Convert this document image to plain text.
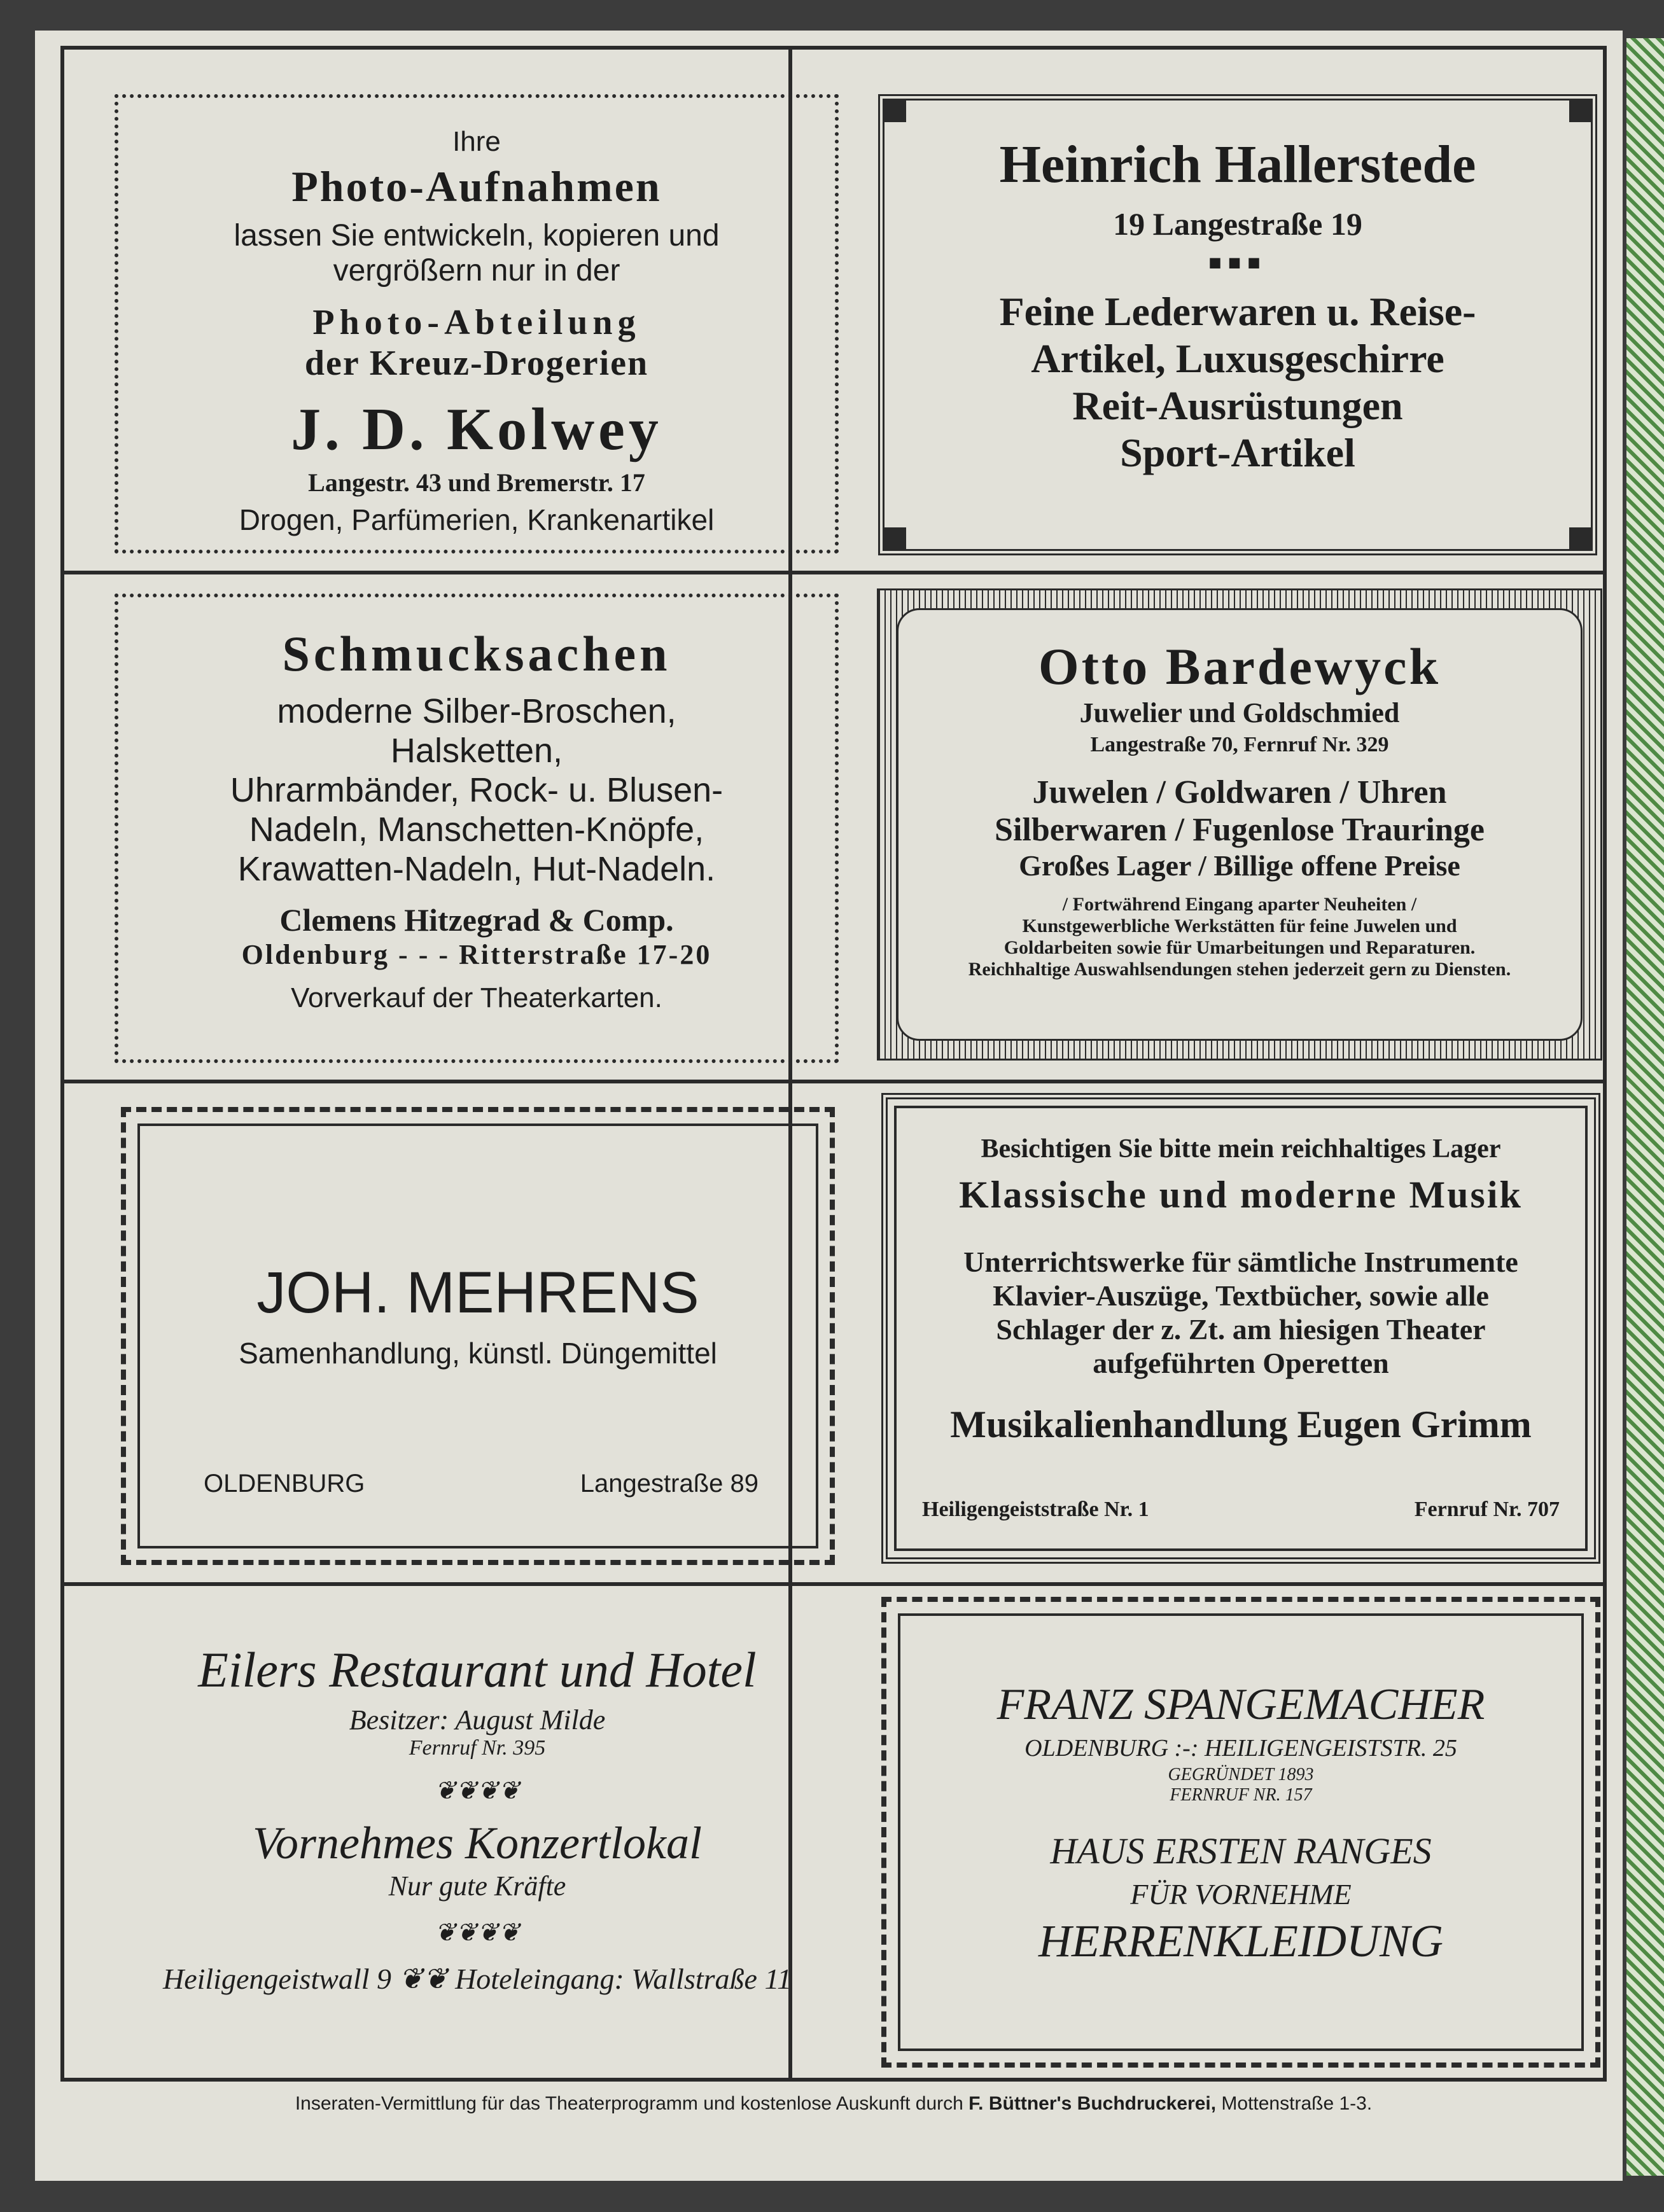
Ihre

Photo-Aufnahmen

lassen Sie entwickeln, kopieren und

vergrößern nur in der

Photo-Abteilung

der Kreuz-Drogerien

J. D. Kolwey

Langestr. 43 und Bremerstr. 17

Drogen, Parfümerien, Krankenartikel

Heinrich Hallerstede

19 Langestraße 19

■■■

Feine Lederwaren u. Reise-

Artikel, Luxusgeschirre

Reit-Ausrüstungen

Sport-Artikel

Schmucksachen

moderne Silber-Broschen,

Halsketten,

Uhrarmbänder, Rock- u. Blusen-

Nadeln, Manschetten-Knöpfe,

Krawatten-Nadeln, Hut-Nadeln.

Clemens Hitzegrad & Comp.

Oldenburg - - - Ritterstraße 17-20

Vorverkauf der Theaterkarten.

Otto Bardewyck

Juwelier und Goldschmied

Langestraße 70, Fernruf Nr. 329

Juwelen / Goldwaren / Uhren

Silberwaren / Fugenlose Trauringe

Großes Lager / Billige offene Preise

/ Fortwährend Eingang aparter Neuheiten /

Kunstgewerbliche Werkstätten für feine Juwelen und

Goldarbeiten sowie für Umarbeitungen und Reparaturen.

Reichhaltige Auswahlsendungen stehen jederzeit gern zu Diensten.

JOH. MEHRENS
Samenhandlung, künstl. Düngemittel
OLDENBURG	Langestraße 89

Besichtigen Sie bitte mein reichhaltiges Lager

Klassische und moderne Musik

Unterrichtswerke für sämtliche Instrumente

Klavier-Auszüge, Textbücher, sowie alle

Schlager der z. Zt. am hiesigen Theater

aufgeführten Operetten

Musikalienhandlung Eugen Grimm

Heiligengeiststraße Nr. 1	Fernruf Nr. 707

Eilers Restaurant und Hotel

Besitzer: August Milde

Fernruf Nr. 395

❦❦❦❦

Vornehmes Konzertlokal

Nur gute Kräfte

❦❦❦❦

Heiligengeistwall 9 ❦❦ Hoteleingang: Wallstraße 11

FRANZ SPANGEMACHER

OLDENBURG :-: HEILIGENGEISTSTR. 25

GEGRÜNDET 1893

FERNRUF NR. 157

HAUS ERSTEN RANGES

FÜR VORNEHME

HERRENKLEIDUNG

Inseraten-Vermittlung für das Theaterprogramm und kostenlose Auskunft durch F. Büttner's Buchdruckerei, Mottenstraße 1-3.
